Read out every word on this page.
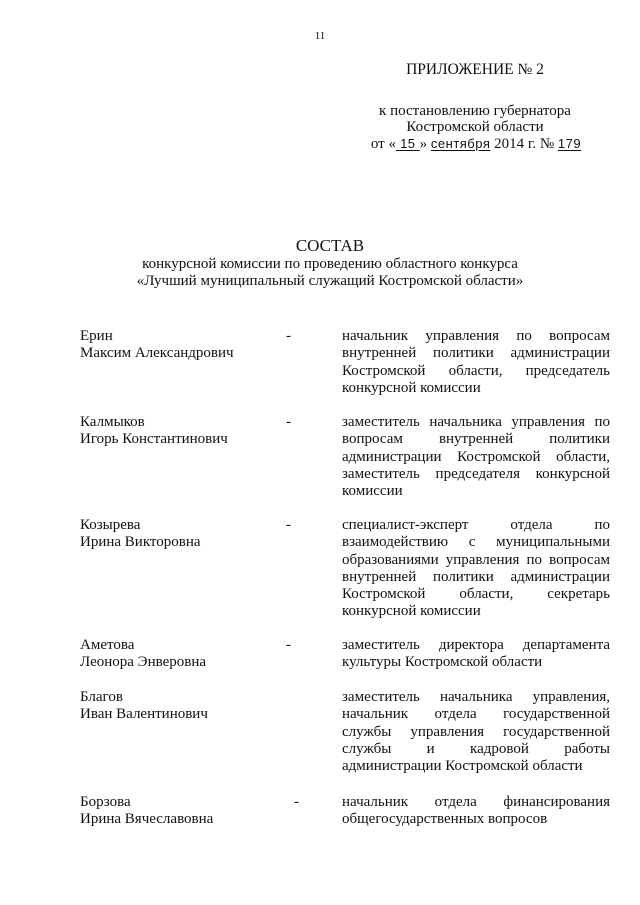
11
ПРИЛОЖЕНИЕ № 2
к постановлению губернатора
Костромской области
от « 15 » сентября 2014 г. № 179
СОСТАВ
конкурсной комиссии по проведению областного конкурса
«Лучший муниципальный служащий Костромской области»
Ерин
Максим Александрович
-	начальник управления по вопросам внутренней политики администрации Костромской области, председатель конкурсной комиссии
Калмыков
Игорь Константинович
-	заместитель начальника управления по вопросам внутренней политики администрации Костромской области, заместитель председателя конкурсной комиссии
Козырева
Ирина Викторовна
-	специалист-эксперт отдела по взаимодействию с муниципальными образованиями управления по вопросам внутренней политики администрации Костромской области, секретарь конкурсной комиссии
Аметова
Леонора Энверовна
-	заместитель директора департамента культуры Костромской области
Благов
Иван Валентинович
заместитель начальника управления, начальник отдела государственной службы управления государственной службы и кадровой работы администрации Костромской области
Борзова
Ирина Вячеславовна
-	начальник отдела финансирования общегосударственных вопросов
